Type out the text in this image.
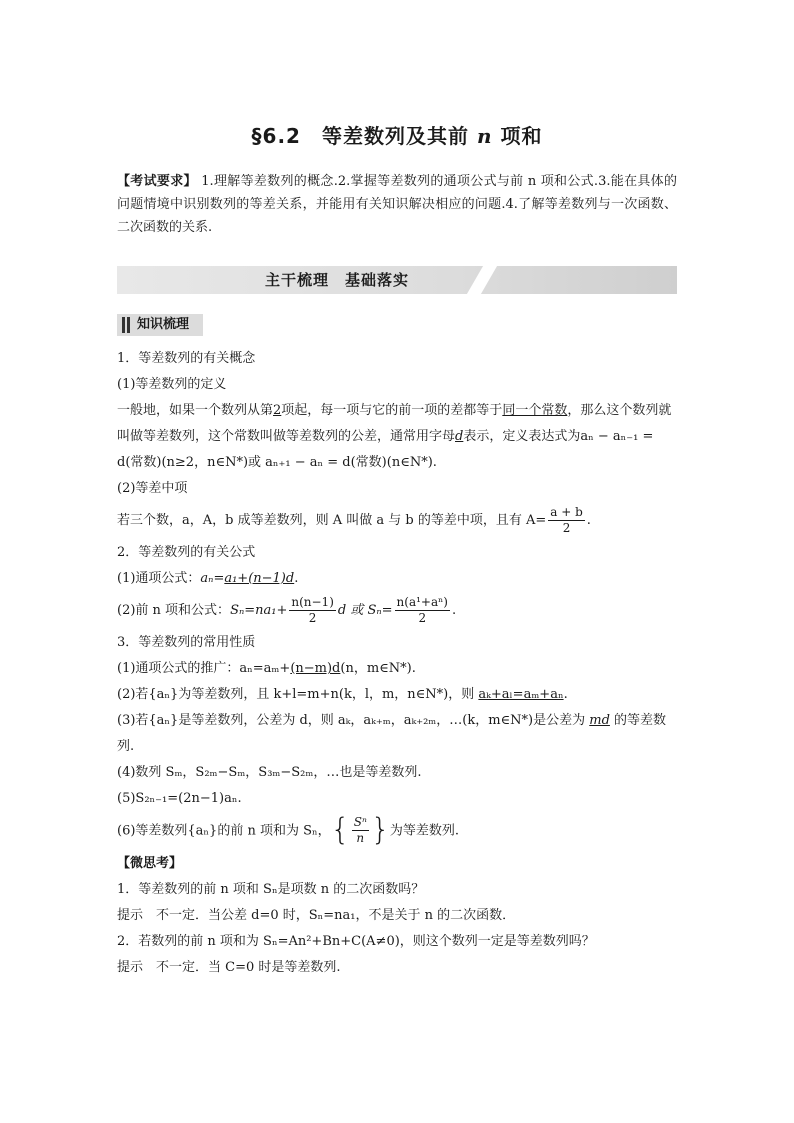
§6.2　等差数列及其前 n 项和
【考试要求】 1.理解等差数列的概念.2.掌握等差数列的通项公式与前 n 项和公式.3.能在具体的问题情境中识别数列的等差关系，并能用有关知识解决相应的问题.4.了解等差数列与一次函数、二次函数的关系.
主干梳理　基础落实
知识梳理

1．等差数列的有关概念

(1)等差数列的定义

一般地，如果一个数列从第2项起，每一项与它的前一项的差都等于同一个常数，那么这个数列就叫做等差数列，这个常数叫做等差数列的公差，通常用字母d表示，定义表达式为aₙ − aₙ₋₁ = d(常数)(n≥2，n∈N*)或 aₙ₊₁ − aₙ = d(常数)(n∈N*).

(2)等差中项

若三个数，a，A，b 成等差数列，则 A 叫做 a 与 b 的等差中项，且有 $A= \frac{a + b}{2}$ .

2．等差数列的有关公式

(1)通项公式：aₙ=a₁+(n−1)d.

(2)前 n 项和公式：$S_n=na_1+ \frac{n(n-1)}{2}$ d 或 $S_n= \frac{\text{n(a¹+aⁿ)}}{2}$ .

3．等差数列的常用性质

(1)通项公式的推广：aₙ=aₘ+(n−m)d(n，m∈N*).

(2)若{aₙ}为等差数列，且 k+l=m+n(k，l，m，n∈N*)，则 aₖ+aₗ=aₘ+aₙ.

(3)若{aₙ}是等差数列，公差为 d，则 aₖ，aₖ₊ₘ，aₖ₊₂ₘ，…(k，m∈N*)是公差为 md 的等差数列.

(4)数列 Sₘ，S₂ₘ−Sₘ，S₃ₘ−S₂ₘ，…也是等差数列.

(5)S₂ₙ₋₁=(2n−1)aₙ.

(6)等差数列{aₙ}的前 n 项和为 Sₙ，{ $\frac{\text{Sⁿ}}{n}$ }为等差数列.

【微思考】

1．等差数列的前 n 项和 Sₙ是项数 n 的二次函数吗？

提示　不一定．当公差 d=0 时，Sₙ=na₁，不是关于 n 的二次函数．

2．若数列的前 n 项和为 Sₙ=An²+Bn+C(A≠0)，则这个数列一定是等差数列吗？

提示　不一定．当 C=0 时是等差数列.
